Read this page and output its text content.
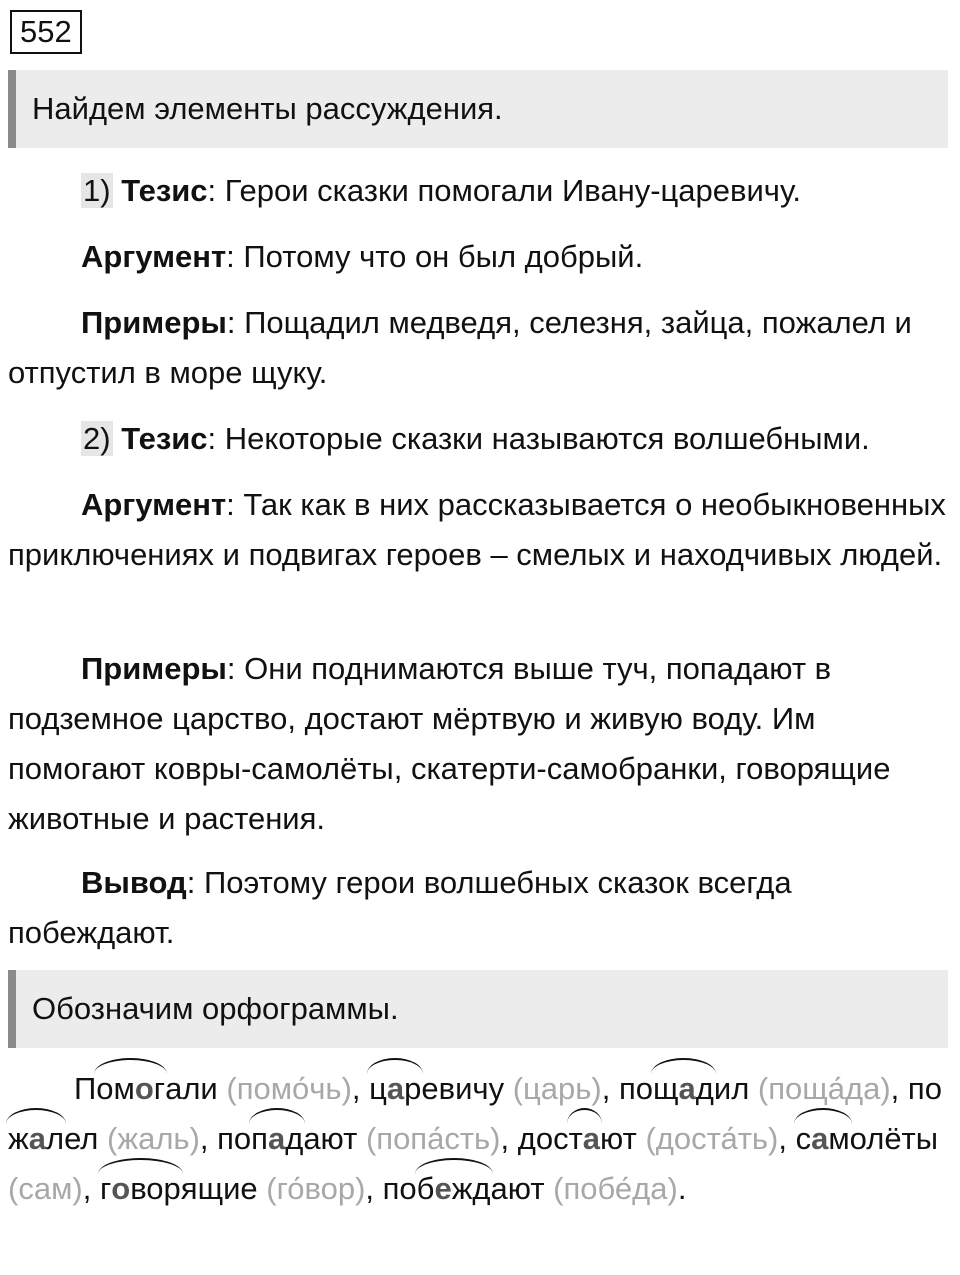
552
Найдем элементы рассуждения.

1) Тезис: Герои сказки помогали Ивану-царевичу.

Аргумент: Потому что он был добрый.

Примеры: Пощадил медведя, селезня, зайца, пожалел и отпустил в море щуку.

2) Тезис: Некоторые сказки называются волшебными.

Аргумент: Так как в них рассказывается о необыкновенных приключениях и подвигах героев – смелых и находчивых людей.

Примеры: Они поднимаются выше туч, попадают в подземное царство, достают мёртвую и живую воду. Им помогают ковры-самолёты, скатерти-самобранки, говорящие животные и растения.

Вывод: Поэтому герои волшебных сказок всегда побеждают.

Обозначим орфограммы.

Помогали (помо́чь), царевичу (царь), пощадил (поща́да), пожалел (жаль), попадают (попа́сть), достают (доста́ть), самолёты (сам), говорящие (го́вор), побеждают (побе́да).
